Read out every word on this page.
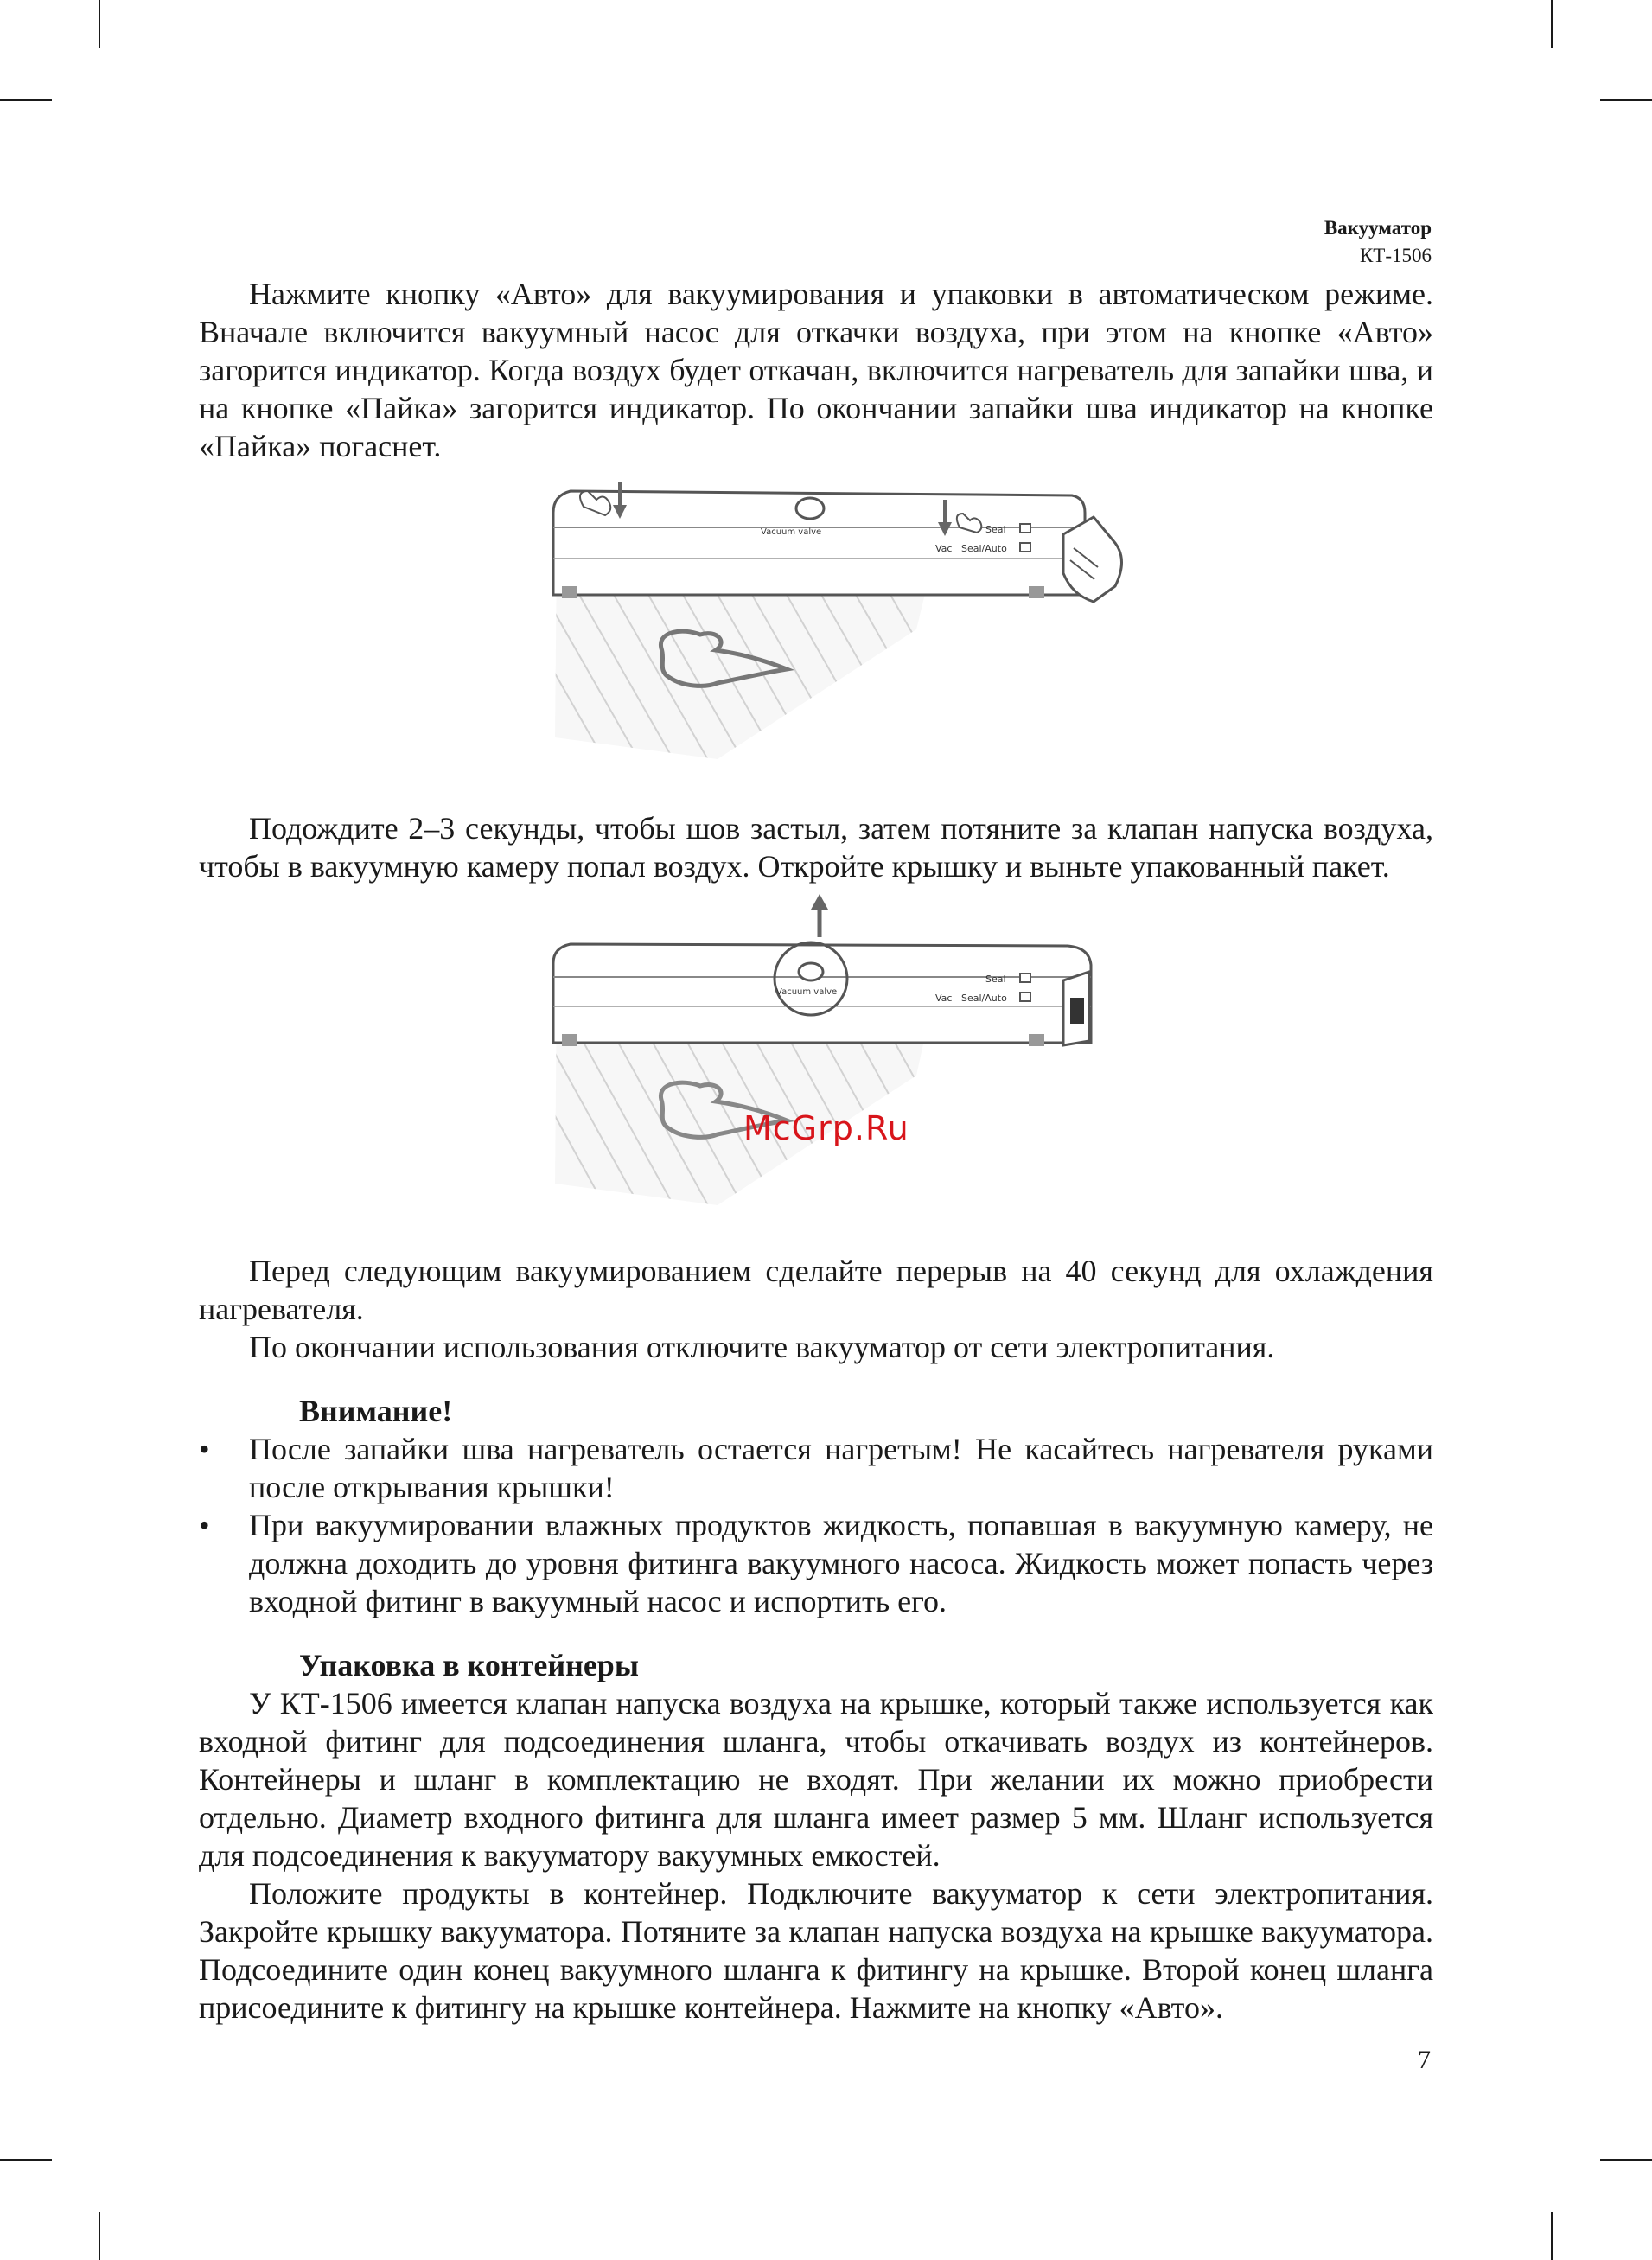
Вакууматор
КТ-1506

Нажмите кнопку «Авто» для вакуумирования и упаковки в автоматическом режиме. Вначале включится вакуумный насос для откачки воздуха, при этом на кнопке «Авто» загорится индикатор. Когда воздух будет откачан, включится нагреватель для запайки шва, и на кнопке «Пайка» загорится индикатор. По окончании запайки шва индикатор на кнопке «Пайка» погаснет.

Vacuum valve
Vac Seal/Auto
Seal

Подождите 2–3 секунды, чтобы шов застыл, затем потяните за клапан напуска воздуха, чтобы в вакуумную камеру попал воздух. Откройте крышку и выньте упакованный пакет.

Vacuum valve
Vac Seal/Auto
Seal

Перед следующим вакуумированием сделайте перерыв на 40 секунд для охлаждения нагревателя.

По окончании использования отключите вакууматор от сети электропитания.

Внимание!

• После запайки шва нагреватель остается нагретым! Не касайтесь нагревателя руками после открывания крышки!
• При вакуумировании влажных продуктов жидкость, попавшая в вакуумную камеру, не должна доходить до уровня фитинга вакуумного насоса. Жидкость может попасть через входной фитинг в вакуумный насос и испортить его.

Упаковка в контейнеры

У КТ-1506 имеется клапан напуска воздуха на крышке, который также используется как входной фитинг для подсоединения шланга, чтобы откачивать воздух из контейнеров. Контейнеры и шланг в комплектацию не входят. При желании их можно приобрести отдельно. Диаметр входного фитинга для шланга имеет размер 5 мм. Шланг используется для подсоединения к вакууматору вакуумных емкостей.

Положите продукты в контейнер. Подключите вакууматор к сети электропитания. Закройте крышку вакууматора. Потяните за клапан напуска воздуха на крышке вакууматора. Подсоедините один конец вакуумного шланга к фитингу на крышке. Второй конец шланга присоедините к фитингу на крышке контейнера. Нажмите на кнопку «Авто».

McGrp.Ru
7
